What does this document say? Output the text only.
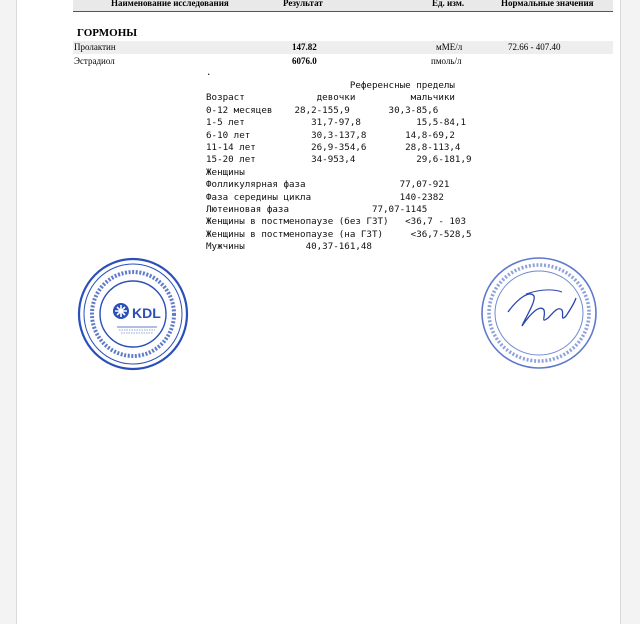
Наименование исследования	Результат	Ед. изм.	Нормальные значения
ГОРМОНЫ
Пролактин	147.82	мМЕ/л	72.66 - 407.40
Эстрадиол	6076.0	пмоль/л
.
Референсные пределы
Возраст             девочки          мальчики
0-12 месяцев    28,2-155,9       30,3-85,6
1-5 лет            31,7-97,8          15,5-84,1
6-10 лет           30,3-137,8       14,8-69,2
11-14 лет          26,9-354,6       28,8-113,4
15-20 лет          34-953,4           29,6-181,9
Женщины
Фолликулярная фаза                 77,07-921
Фаза середины цикла                140-2382
Лютеиновая фаза               77,07-1145
Женщины в постменопаузе (без ГЗТ)   <36,7 - 103
Женщины в постменопаузе (на ГЗТ)     <36,7-528,5
Мужчины           40,37-161,48
KDL
